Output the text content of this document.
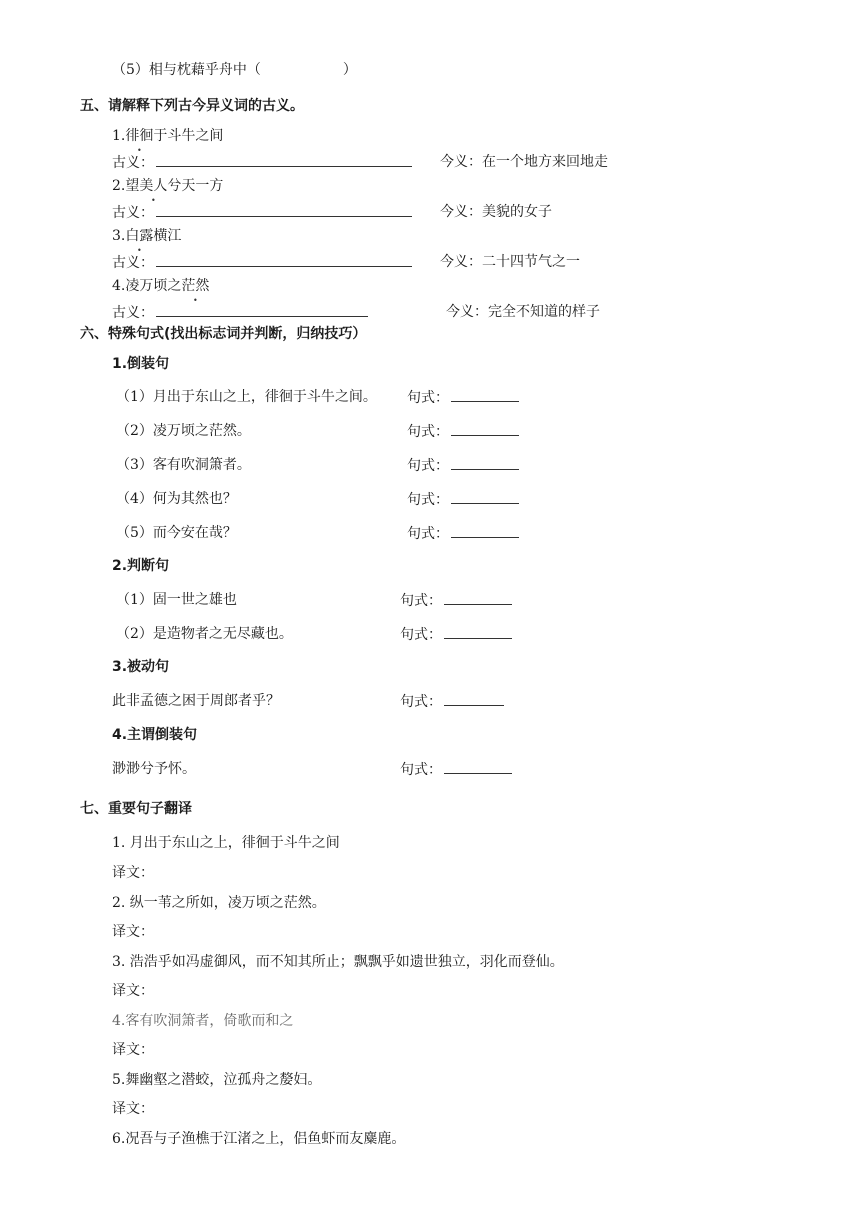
（5）相与枕藉乎舟中（	）
五、请解释下列古今异义词的古义。
1.徘徊于斗牛之间
古义：	今义：在一个地方来回地走
2.望美人兮天一方
古义：	今义：美貌的女子
3.白露横江
古义：	今义：二十四节气之一
4.凌万顷之茫然
古义：	今义：完全不知道的样子
六、特殊句式(找出标志词并判断，归纳技巧）
1.倒装句
（1）月出于东山之上，徘徊于斗牛之间。 句式：
（2）凌万顷之茫然。	句式：
（3）客有吹洞箫者。	句式：
（4）何为其然也？	句式：
（5）而今安在哉？	句式：
2.判断句
（1）固一世之雄也	句式：
（2）是造物者之无尽藏也。	句式：
3.被动句
此非孟德之困于周郎者乎？	句式：
4.主谓倒装句
渺渺兮予怀。	句式：
七、重要句子翻译
1. 月出于东山之上，徘徊于斗牛之间
译文：
2. 纵一苇之所如，凌万顷之茫然。
译文：
3. 浩浩乎如冯虚御风，而不知其所止；飘飘乎如遗世独立，羽化而登仙。
译文：
4.客有吹洞箫者，倚歌而和之
译文：
5.舞幽壑之潜蛟，泣孤舟之嫠妇。
译文：
6.况吾与子渔樵于江渚之上，侣鱼虾而友麋鹿。
